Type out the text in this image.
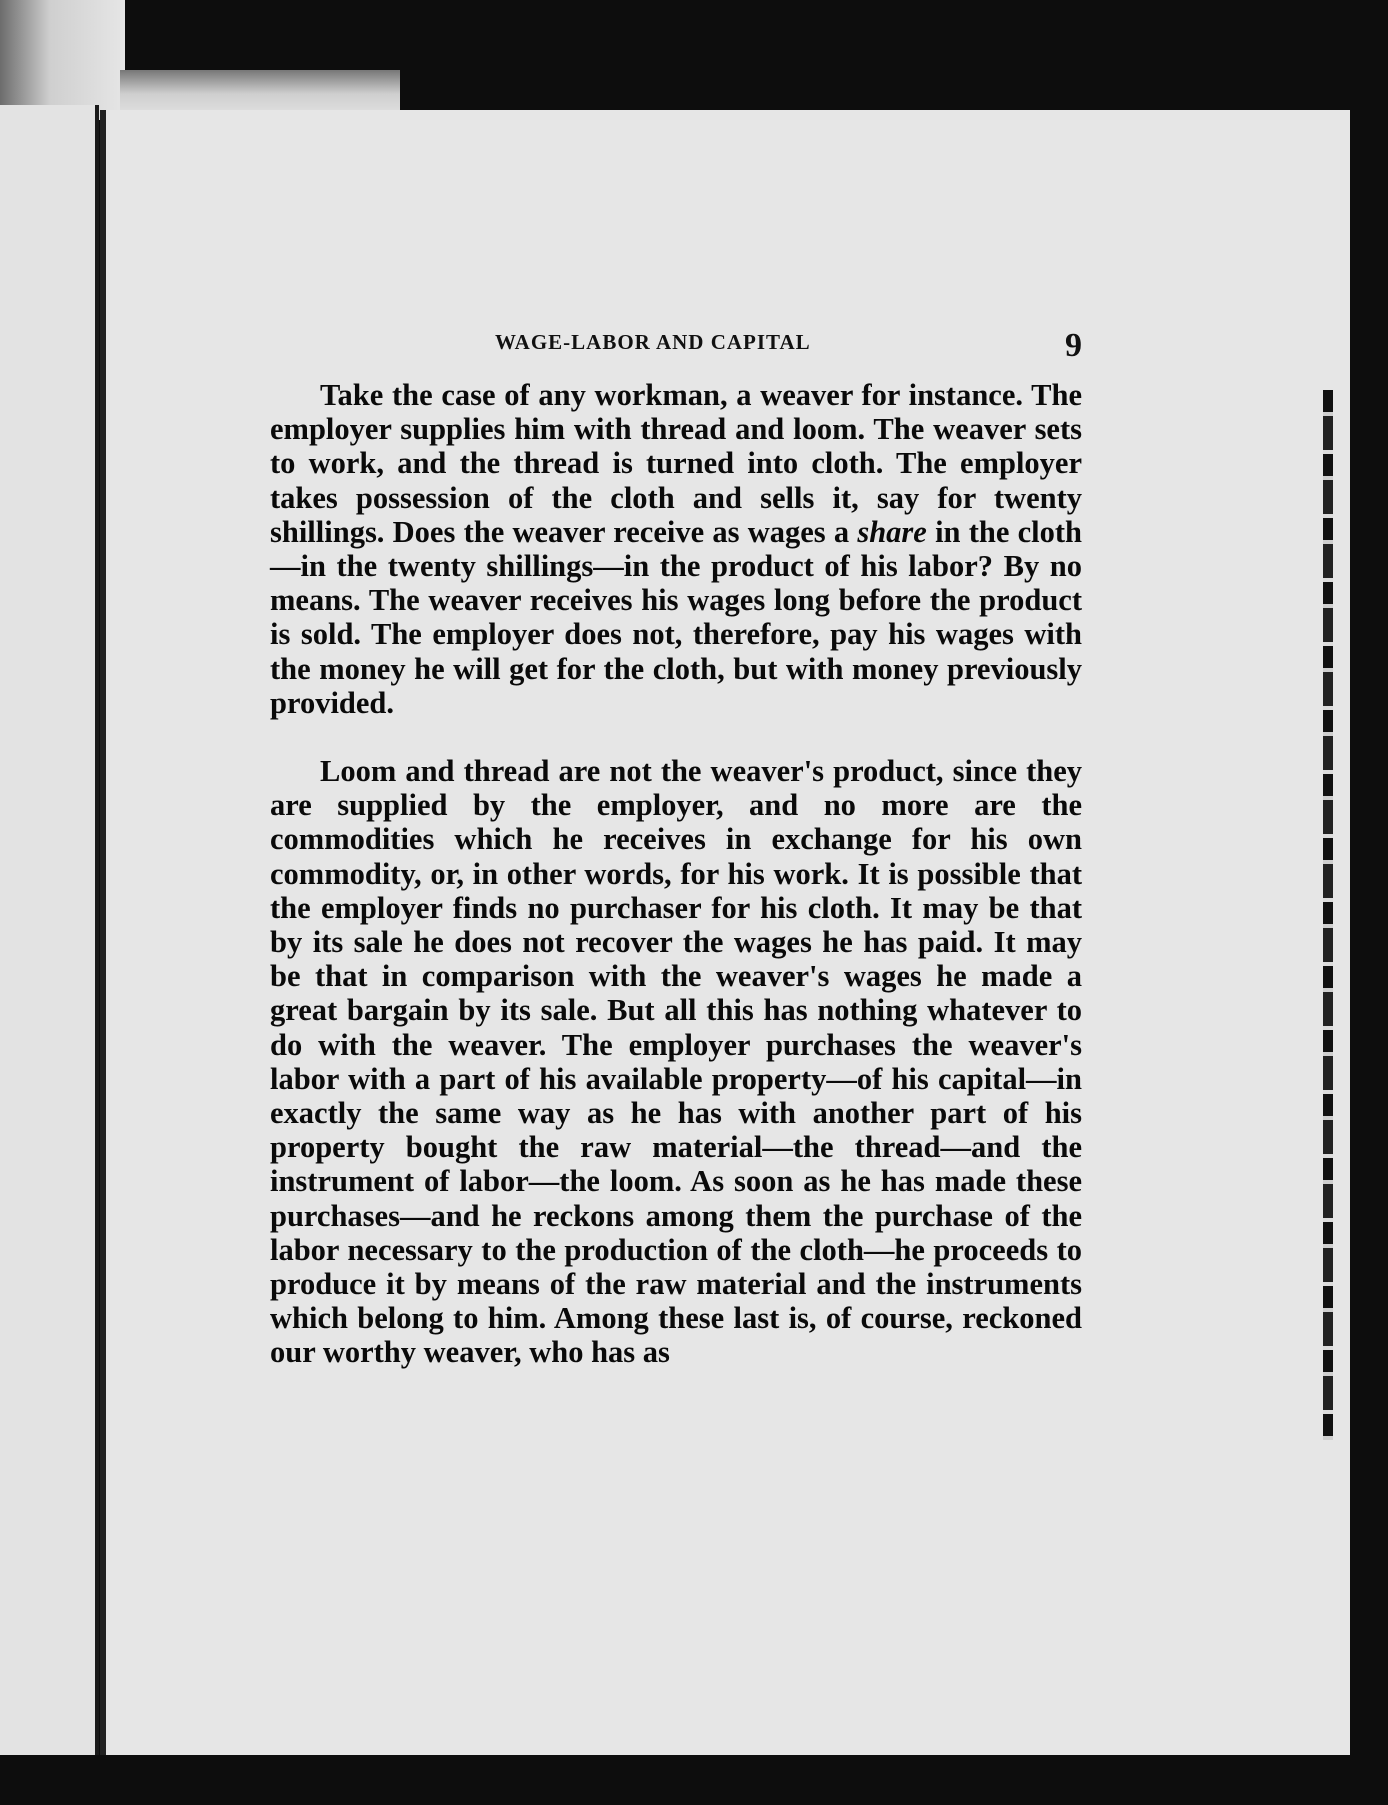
WAGE-LABOR AND CAPITAL	9

Take the case of any workman, a weaver for instance. The employer supplies him with thread and loom. The weaver sets to work, and the thread is turned into cloth. The employer takes possession of the cloth and sells it, say for twenty shillings. Does the weaver receive as wages a share in the cloth—in the twenty shillings—in the product of his labor? By no means. The weaver receives his wages long before the product is sold. The employer does not, therefore, pay his wages with the money he will get for the cloth, but with money previously provided.

Loom and thread are not the weaver's product, since they are supplied by the employer, and no more are the commodities which he receives in exchange for his own commodity, or, in other words, for his work. It is possible that the employer finds no purchaser for his cloth. It may be that by its sale he does not recover the wages he has paid. It may be that in comparison with the weaver's wages he made a great bargain by its sale. But all this has nothing whatever to do with the weaver. The employer purchases the weaver's labor with a part of his available property—of his capital—in exactly the same way as he has with another part of his property bought the raw material—the thread—and the instrument of labor—the loom. As soon as he has made these purchases—and he reckons among them the purchase of the labor necessary to the production of the cloth—he proceeds to produce it by means of the raw material and the instruments which belong to him. Among these last is, of course, reckoned our worthy weaver, who has as
